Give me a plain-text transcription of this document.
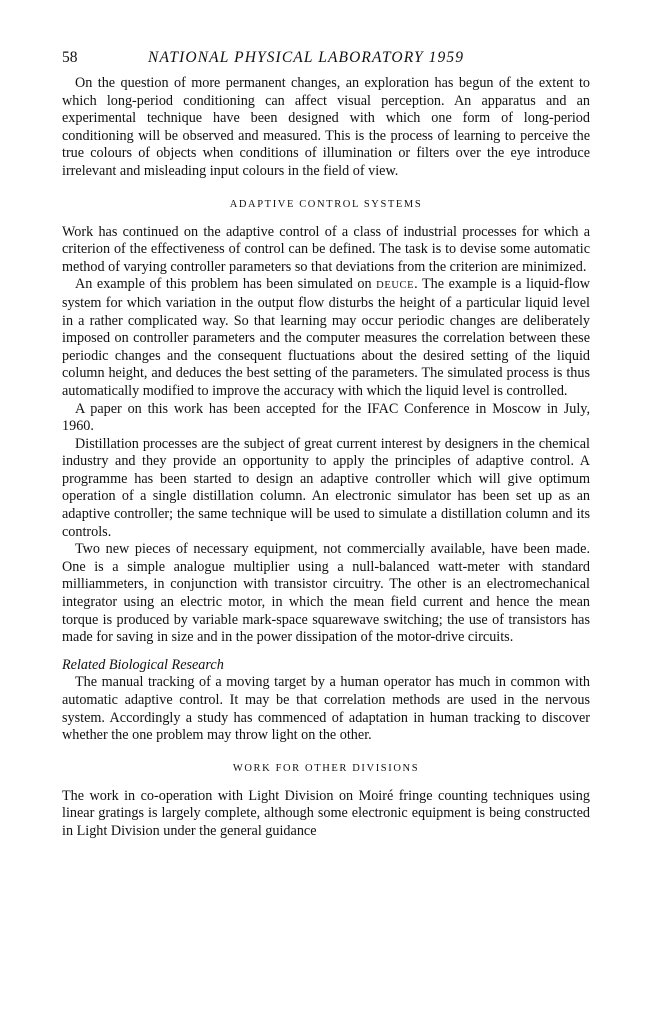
58	NATIONAL PHYSICAL LABORATORY 1959

On the question of more permanent changes, an exploration has begun of the extent to which long-period conditioning can affect visual perception. An apparatus and an experimental technique have been designed with which one form of long-period conditioning will be observed and measured. This is the process of learning to perceive the true colours of objects when conditions of illumination or filters over the eye introduce irrelevant and misleading input colours in the field of view.

ADAPTIVE CONTROL SYSTEMS

Work has continued on the adaptive control of a class of industrial processes for which a criterion of the effectiveness of control can be defined. The task is to devise some automatic method of varying controller parameters so that deviations from the criterion are minimized.

An example of this problem has been simulated on DEUCE. The example is a liquid-flow system for which variation in the output flow disturbs the height of a particular liquid level in a rather complicated way. So that learning may occur periodic changes are deliberately imposed on controller parameters and the computer measures the correlation between these periodic changes and the consequent fluctuations about the desired setting of the liquid column height, and deduces the best setting of the parameters. The simulated process is thus automatically modified to improve the accuracy with which the liquid level is controlled.

A paper on this work has been accepted for the IFAC Conference in Moscow in July, 1960.

Distillation processes are the subject of great current interest by designers in the chemical industry and they provide an opportunity to apply the principles of adaptive control. A programme has been started to design an adaptive controller which will give optimum operation of a single distillation column. An electronic simulator has been set up as an adaptive controller; the same technique will be used to simulate a distillation column and its controls.

Two new pieces of necessary equipment, not commercially available, have been made. One is a simple analogue multiplier using a null-balanced watt-meter with standard milliammeters, in conjunction with transistor circuitry. The other is an electromechanical integrator using an electric motor, in which the mean field current and hence the mean torque is produced by variable mark-space squarewave switching; the use of transistors has made for saving in size and in the power dissipation of the motor-drive circuits.

Related Biological Research

The manual tracking of a moving target by a human operator has much in common with automatic adaptive control. It may be that correlation methods are used in the nervous system. Accordingly a study has commenced of adaptation in human tracking to discover whether the one problem may throw light on the other.

WORK FOR OTHER DIVISIONS

The work in co-operation with Light Division on Moiré fringe counting techniques using linear gratings is largely complete, although some electronic equipment is being constructed in Light Division under the general guidance
